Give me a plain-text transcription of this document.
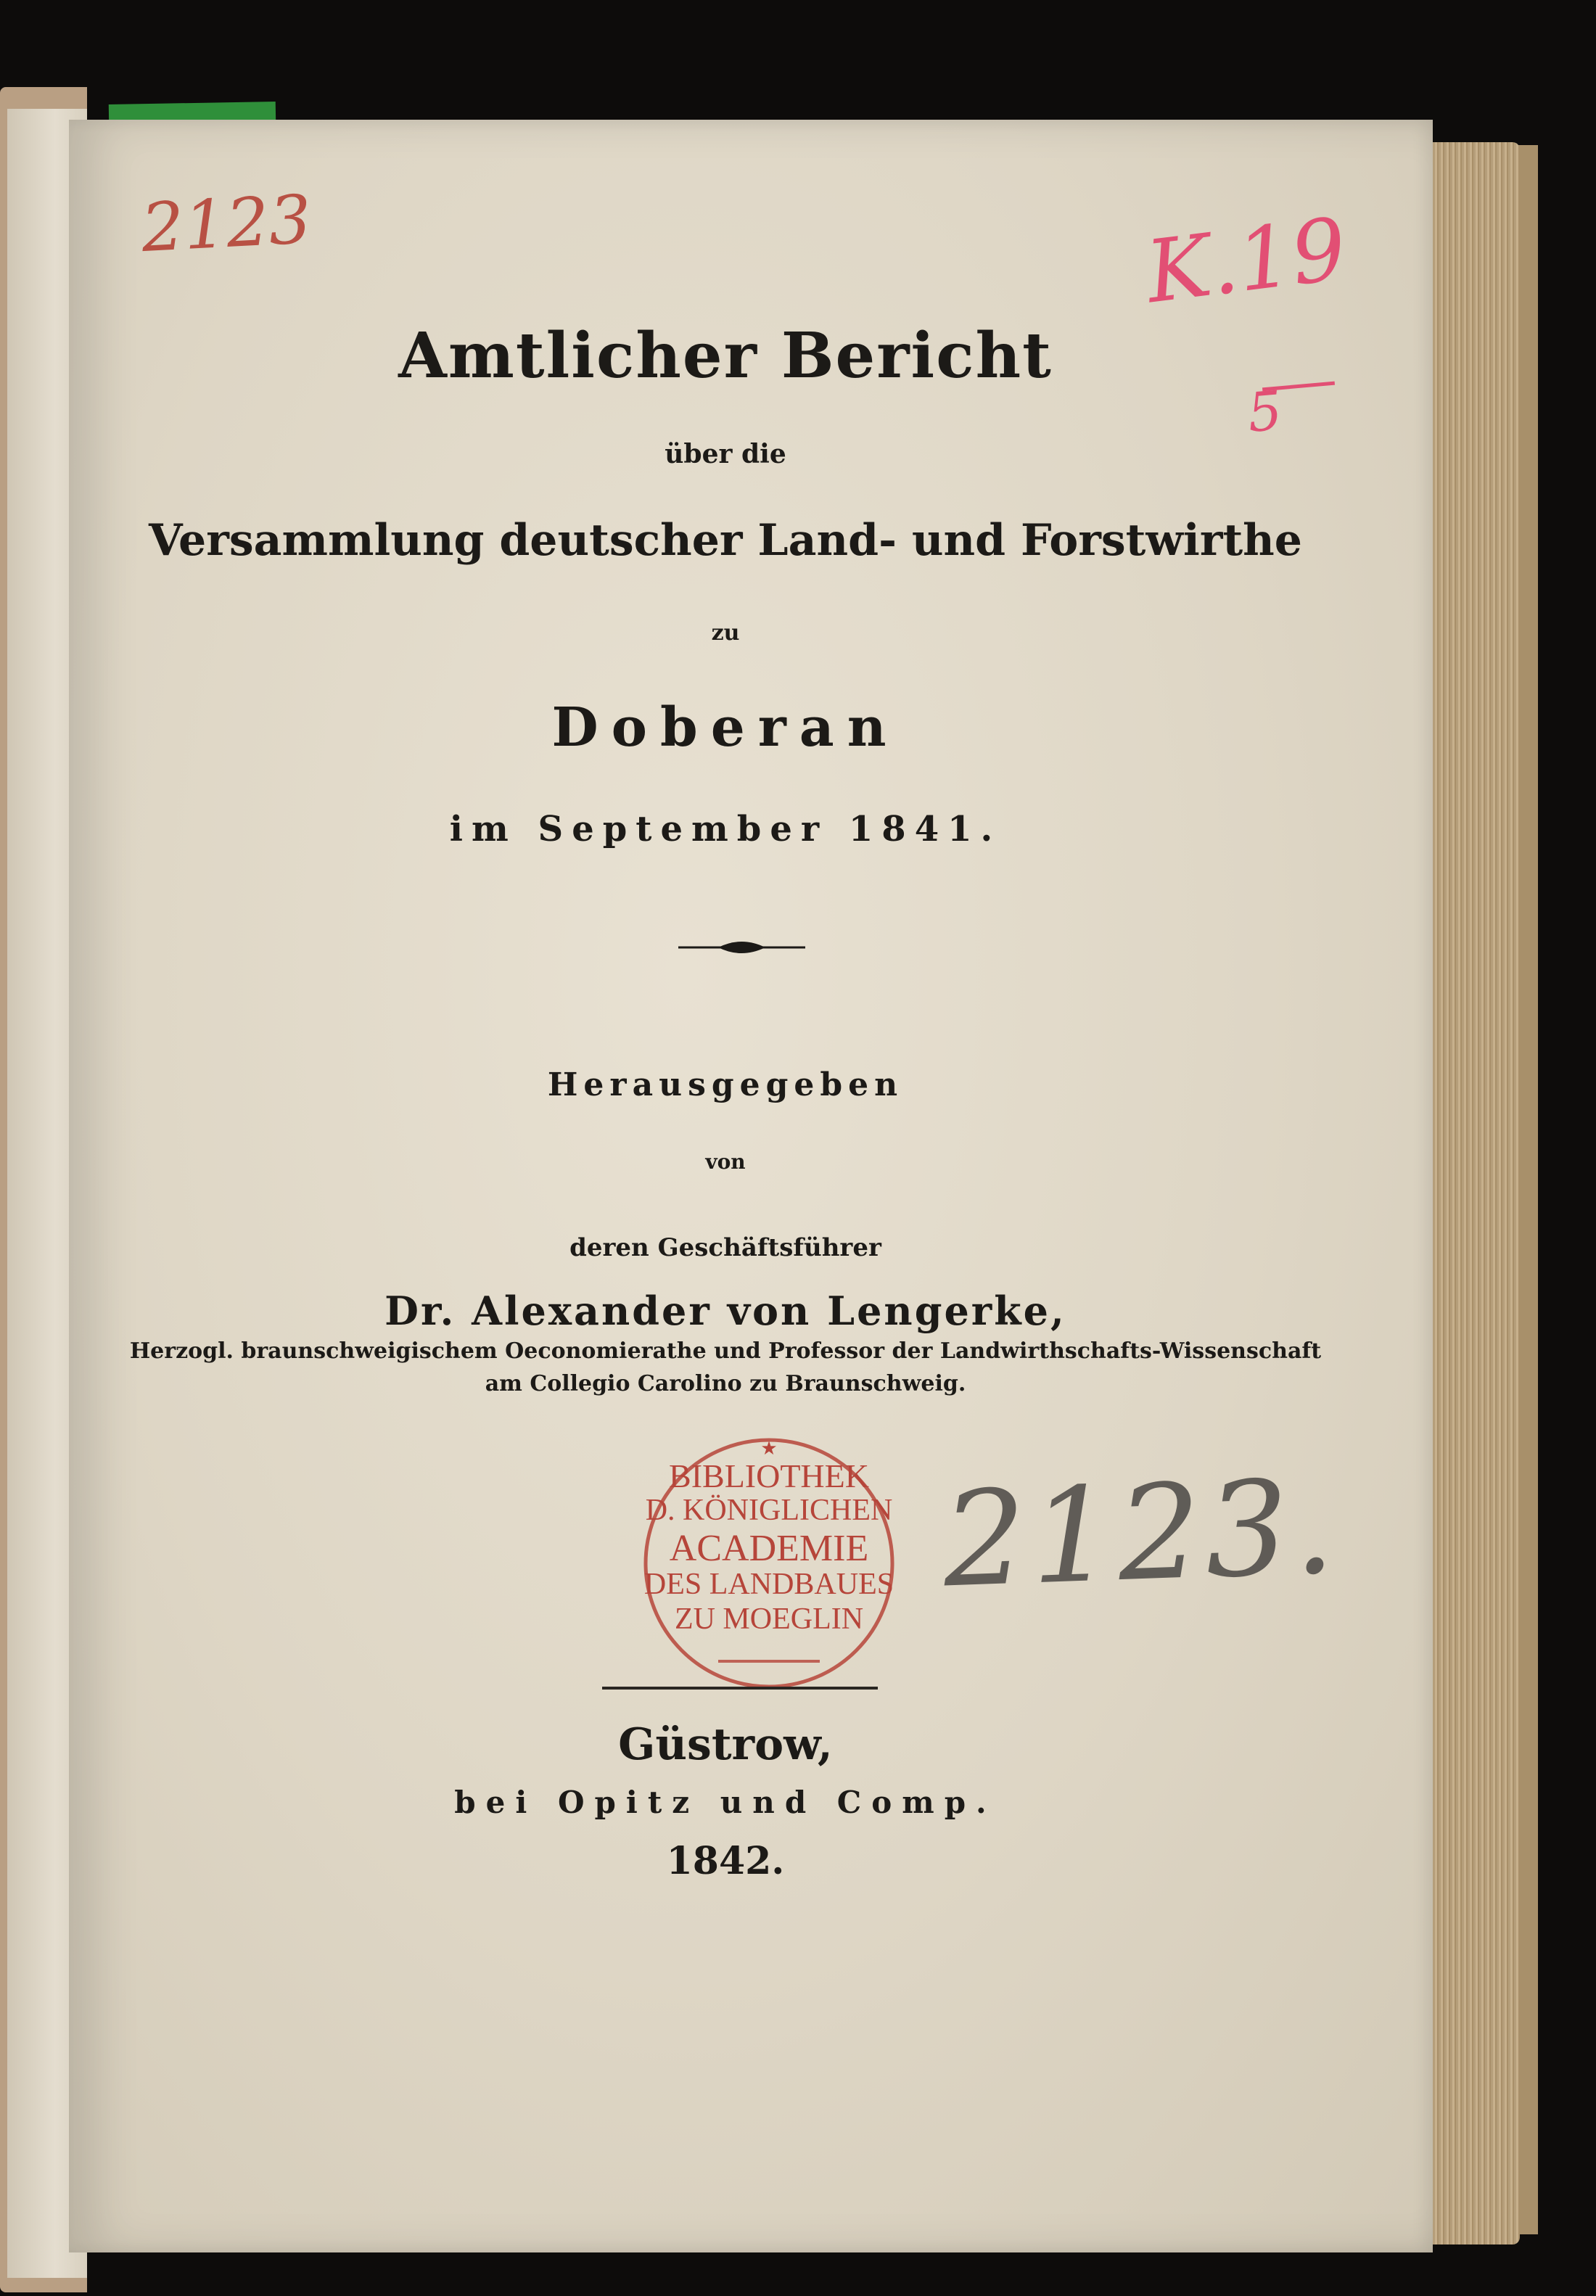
2123	K.19
5
Amtlicher Bericht
über die
Versammlung deutscher Land- und Forstwirthe
zu
Doberan
im September 1841.
Herausgegeben
von
deren Geschäftsführer
Dr. Alexander von Lengerke,
Herzogl. braunschweigischem Oeconomierathe und Professor der Landwirthschafts-Wissenschaft
am Collegio Carolino zu Braunschweig.
★
BIBLIOTHEK
D. KÖNIGLICHEN
ACADEMIE
DES LANDBAUES
ZU MOEGLIN
2123.
Güstrow,
bei Opitz und Comp.
1842.
